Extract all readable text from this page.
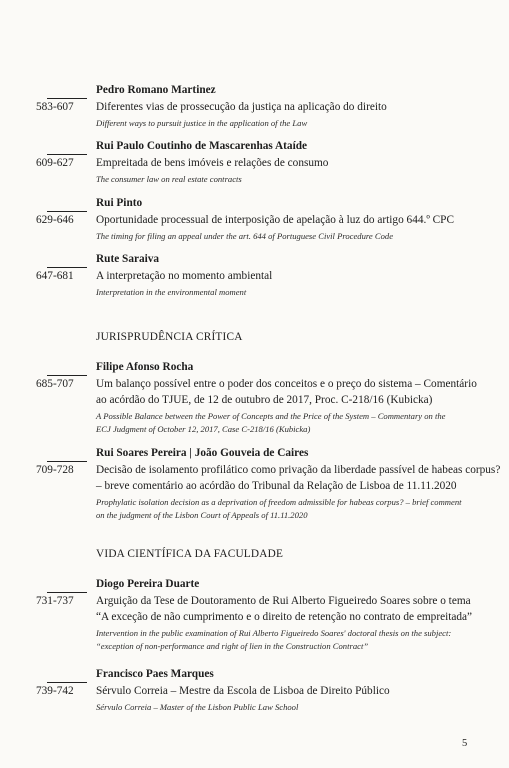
Pedro Romano Martinez
583-607	Diferentes vias de prossecução da justiça na aplicação do direito
Different ways to pursuit justice in the application of the Law
Rui Paulo Coutinho de Mascarenhas Ataíde
609-627	Empreitada de bens imóveis e relações de consumo
The consumer law on real estate contracts
Rui Pinto
629-646	Oportunidade processual de interposição de apelação à luz do artigo 644.º CPC
The timing for filing an appeal under the art. 644 of Portuguese Civil Procedure Code
Rute Saraiva
647-681	A interpretação no momento ambiental
Interpretation in the environmental moment
JURISPRUDÊNCIA CRÍTICA
Filipe Afonso Rocha
685-707	Um balanço possível entre o poder dos conceitos e o preço do sistema – Comentário
ao acórdão do TJUE, de 12 de outubro de 2017, Proc. C-218/16 (Kubicka)
A Possible Balance between the Power of Concepts and the Price of the System – Commentary on the
ECJ Judgment of October 12, 2017, Case C-218/16 (Kubicka)
Rui Soares Pereira | João Gouveia de Caires
709-728	Decisão de isolamento profilático como privação da liberdade passível de habeas corpus?
– breve comentário ao acórdão do Tribunal da Relação de Lisboa de 11.11.2020
Prophylatic isolation decision as a deprivation of freedom admissible for habeas corpus? – brief comment
on the judgment of the Lisbon Court of Appeals of 11.11.2020
VIDA CIENTÍFICA DA FACULDADE
Diogo Pereira Duarte
731-737	Arguição da Tese de Doutoramento de Rui Alberto Figueiredo Soares sobre o tema
“A exceção de não cumprimento e o direito de retenção no contrato de empreitada”
Intervention in the public examination of Rui Alberto Figueiredo Soares' doctoral thesis on the subject:
“exception of non-performance and right of lien in the Construction Contract”
Francisco Paes Marques
739-742	Sérvulo Correia – Mestre da Escola de Lisboa de Direito Público
Sérvulo Correia – Master of the Lisbon Public Law School
5
